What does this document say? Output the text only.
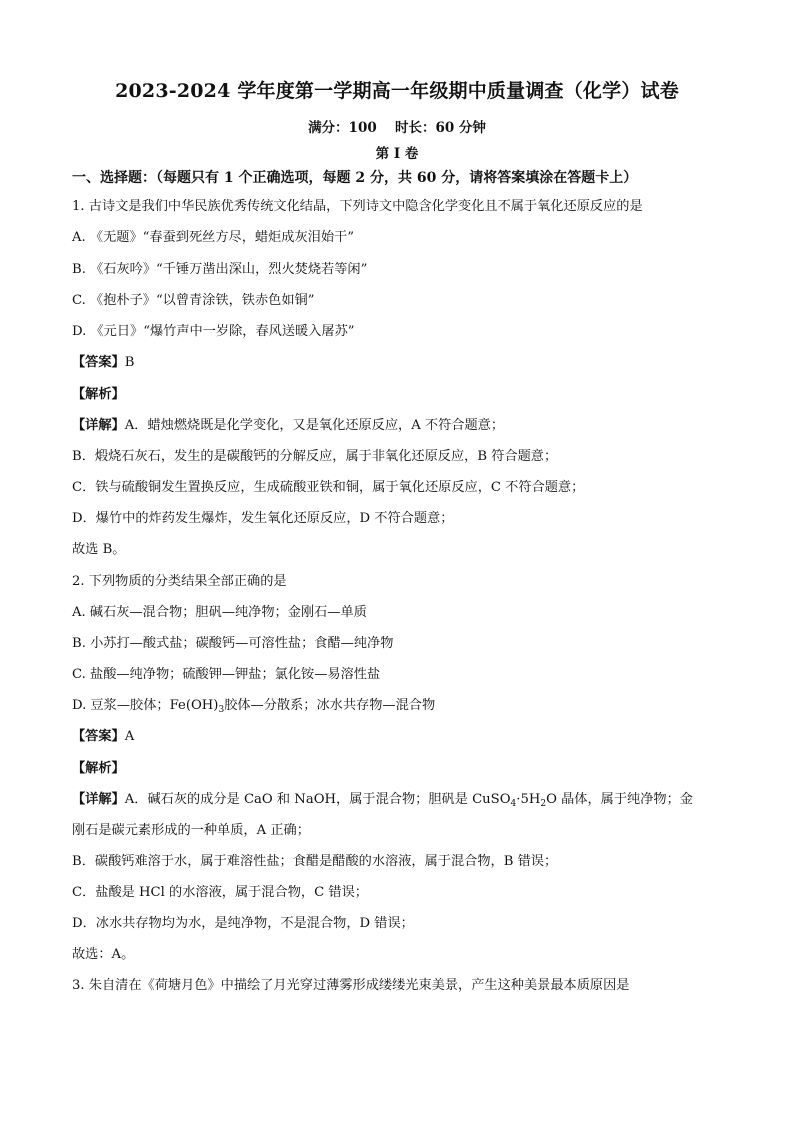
2023-2024 学年度第一学期高一年级期中质量调查（化学）试卷
满分：100　 时长：60 分钟
第 I 卷
一、选择题：（每题只有 1 个正确选项，每题 2 分，共 60 分，请将答案填涂在答题卡上）
1. 古诗文是我们中华民族优秀传统文化结晶，下列诗文中隐含化学变化且不属于氧化还原反应的是
A. 《无题》“春蚕到死丝方尽，蜡炬成灰泪始干”
B. 《石灰吟》“千锤万凿出深山，烈火焚烧若等闲”
C. 《抱朴子》“以曾青涂铁，铁赤色如铜”
D. 《元日》“爆竹声中一岁除，春风送暖入屠苏”
【答案】B
【解析】
【详解】A．蜡烛燃烧既是化学变化，又是氧化还原反应，A 不符合题意；
B．煅烧石灰石，发生的是碳酸钙的分解反应，属于非氧化还原反应，B 符合题意；
C．铁与硫酸铜发生置换反应，生成硫酸亚铁和铜，属于氧化还原反应，C 不符合题意；
D．爆竹中的炸药发生爆炸，发生氧化还原反应，D 不符合题意；
故选 B。
2. 下列物质的分类结果全部正确的是
A. 碱石灰—混合物；胆矾—纯净物；金刚石—单质
B. 小苏打—酸式盐；碳酸钙—可溶性盐；食醋—纯净物
C. 盐酸—纯净物；硫酸钾—钾盐；氯化铵—易溶性盐
D. 豆浆—胶体；$Fe(OH)_3$胶体—分散系；冰水共存物—混合物
【答案】A
【解析】
【详解】A．碱石灰的成分是 CaO 和 NaOH，属于混合物；胆矾是 $CuSO_4\cdot 5H_2O$ 晶体，属于纯净物；金
刚石是碳元素形成的一种单质，A 正确；
B．碳酸钙难溶于水，属于难溶性盐；食醋是醋酸的水溶液，属于混合物，B 错误；
C．盐酸是 HCl 的水溶液，属于混合物，C 错误；
D．冰水共存物均为水，是纯净物，不是混合物，D 错误；
故选：A。
3. 朱自清在《荷塘月色》中描绘了月光穿过薄雾形成缕缕光束美景，产生这种美景最本质原因是
